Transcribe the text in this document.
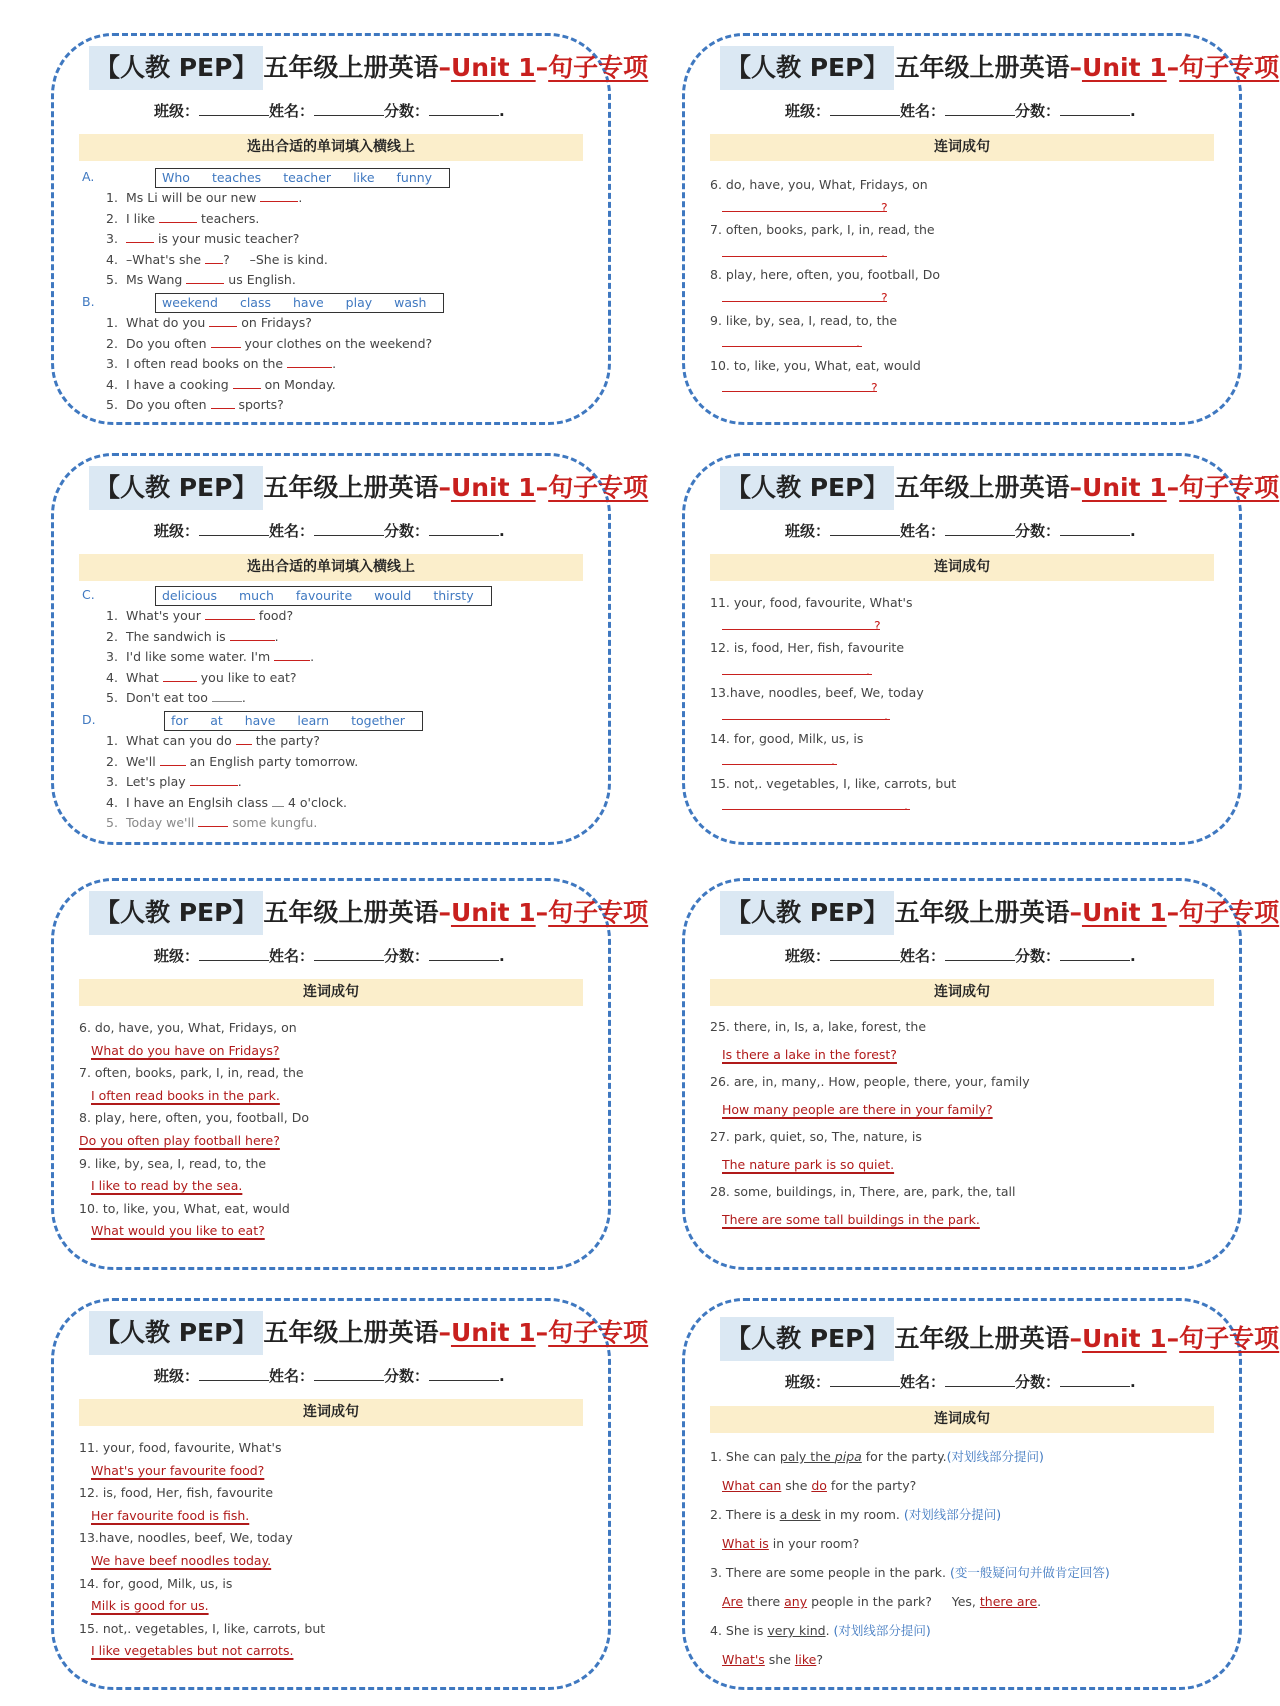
【人教 PEP】 五年级上册英语–Unit 1–句子专项
班级：	姓名：	分数：	.
选出合适的单词填入横线上
A.	Who teaches teacher like funny
1. Ms Li will be our new	.
2. I like	teachers.
3.	is your music teacher?
4. –What's she ?     –She is kind.
5. Ms Wang	us English.
B.	weekend class have play wash
1. What do you  on Fridays?
2. Do you often  your clothes on the weekend?
3. I often read books on the	.
4. I have a cooking  on Monday.
5. Do you often  sports?
【人教 PEP】 五年级上册英语–Unit 1–句子专项
班级：	姓名：	分数：	.
连词成句
6. do, have, you, What, Fridays, on
?
7. often, books, park, I, in, read, the
.
8. play, here, often, you, football, Do
?
9. like, by, sea, I, read, to, the
.
10. to, like, you, What, eat, would
?
【人教 PEP】 五年级上册英语–Unit 1–句子专项
班级：	姓名：	分数：	.
选出合适的单词填入横线上
C.	delicious much favourite would thirsty
1. What's your	food?
2. The sandwich is	.
3. I'd like some water. I'm	.
4. What	you like to eat?
5. Don't eat too .
D.	for at have learn together
1. What can you do  the party?
2. We'll  an English party tomorrow.
3. Let's play	.
4. I have an Englsih class  4 o'clock.
5. Today we'll  some kungfu.
【人教 PEP】 五年级上册英语–Unit 1–句子专项
班级：	姓名：	分数：	.
连词成句
11. your, food, favourite, What's
?
12. is, food, Her, fish, favourite
.
13.have, noodles, beef, We, today
.
14. for, good, Milk, us, is
.
15. not,. vegetables, I, like, carrots, but
.
【人教 PEP】 五年级上册英语–Unit 1–句子专项
班级：	姓名：	分数：	.
连词成句
6. do, have, you, What, Fridays, on
What do you have on Fridays?
7. often, books, park, I, in, read, the
I often read books in the park.
8. play, here, often, you, football, Do
Do you often play football here?
9. like, by, sea, I, read, to, the
I like to read by the sea.
10. to, like, you, What, eat, would
What would you like to eat?
【人教 PEP】 五年级上册英语–Unit 1–句子专项
班级：	姓名：	分数：	.
连词成句
25. there, in, Is, a, lake, forest, the
Is there a lake in the forest?
26. are, in, many,. How, people, there, your, family
How many people are there in your family?
27. park, quiet, so, The, nature, is
The nature park is so quiet.
28. some, buildings, in, There, are, park, the, tall
There are some tall buildings in the park.
【人教 PEP】 五年级上册英语–Unit 1–句子专项
班级：	姓名：	分数：	.
连词成句
11. your, food, favourite, What's
What's your favourite food?
12. is, food, Her, fish, favourite
Her favourite food is fish.
13.have, noodles, beef, We, today
We have beef noodles today.
14. for, good, Milk, us, is
Milk is good for us.
15. not,. vegetables, I, like, carrots, but
I like vegetables but not carrots.
【人教 PEP】 五年级上册英语–Unit 1–句子专项
班级：	姓名：	分数：	.
连词成句
1. She can paly the pipa for the party.(对划线部分提问)
What can she do for the party?
2. There is a desk in my room. (对划线部分提问)
What is in your room?
3. There are some people in the park. (变一般疑问句并做肯定回答)
Are there any people in the park?     Yes, there are.
4. She is very kind. (对划线部分提问)
What's she like?
